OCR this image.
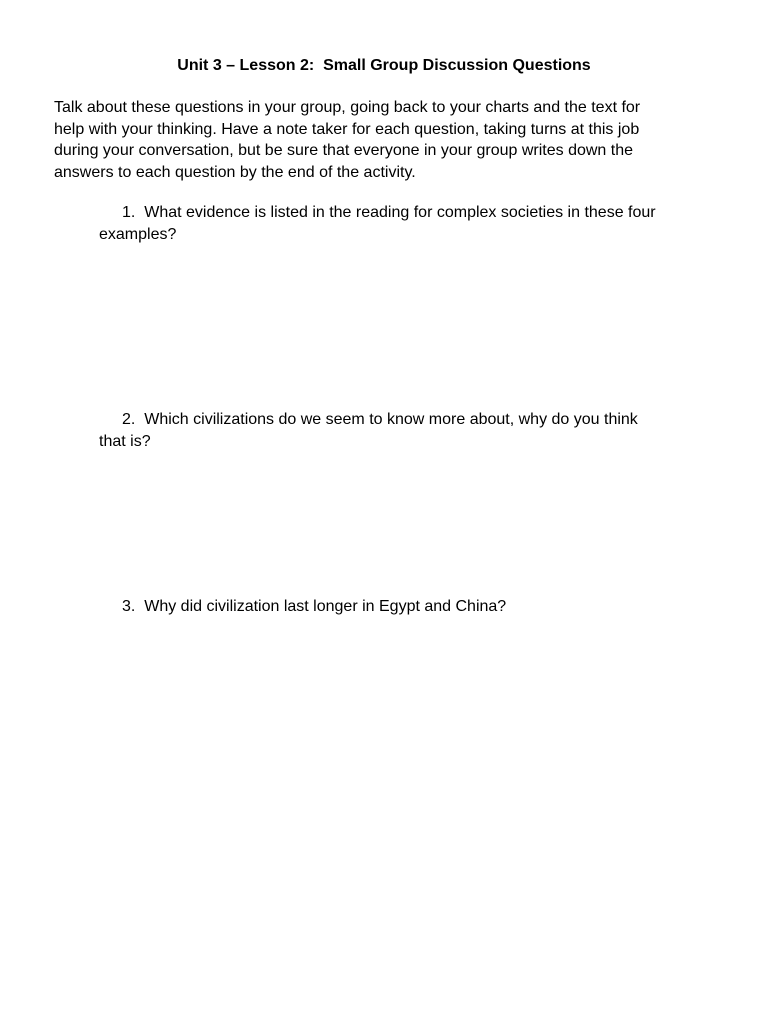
Unit 3 – Lesson 2:  Small Group Discussion Questions
Talk about these questions in your group, going back to your charts and the text for
help with your thinking. Have a note taker for each question, taking turns at this job
during your conversation, but be sure that everyone in your group writes down the
answers to each question by the end of the activity.
1.  What evidence is listed in the reading for complex societies in these four
examples?
2.  Which civilizations do we seem to know more about, why do you think
that is?
3.  Why did civilization last longer in Egypt and China?
